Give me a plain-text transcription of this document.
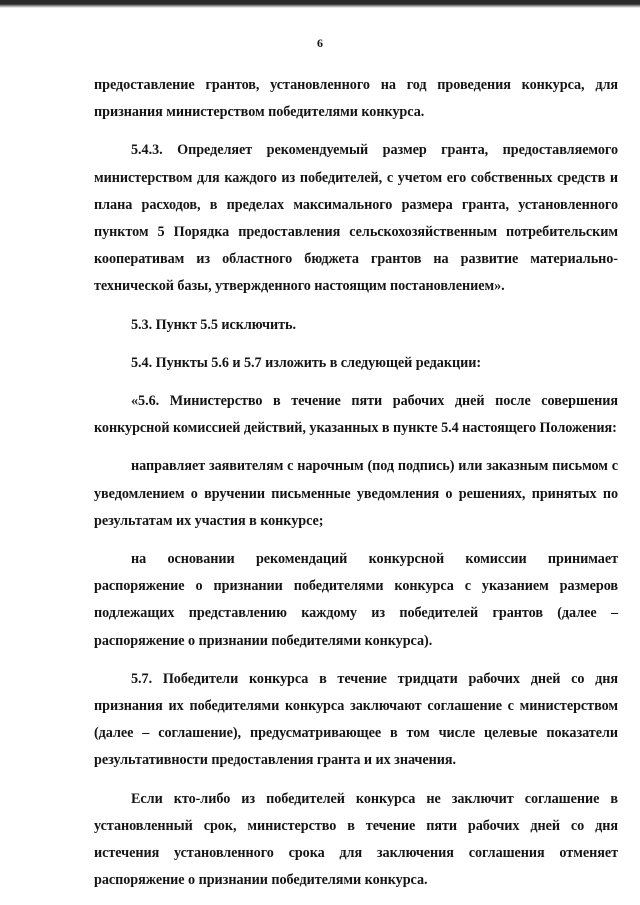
6

предоставление грантов, установленного на год проведения конкурса, для признания министерством победителями конкурса.

5.4.3. Определяет рекомендуемый размер гранта, предоставляемого министерством для каждого из победителей, с учетом его собственных средств и плана расходов, в пределах максимального размера гранта, установленного пунктом 5 Порядка предоставления сельскохозяйственным потребительским кооперативам из областного бюджета грантов на развитие материально-технической базы, утвержденного настоящим постановлением».

5.3. Пункт 5.5 исключить.

5.4. Пункты 5.6 и 5.7 изложить в следующей редакции:

«5.6. Министерство в течение пяти рабочих дней после совершения конкурсной комиссией действий, указанных в пункте 5.4 настоящего Положения:

направляет заявителям с нарочным (под подпись) или заказным письмом с уведомлением о вручении письменные уведомления о решениях, принятых по результатам их участия в конкурсе;

на основании рекомендаций конкурсной комиссии принимает распоряжение о признании победителями конкурса с указанием размеров подлежащих представлению каждому из победителей грантов (далее – распоряжение о признании победителями конкурса).

5.7. Победители конкурса в течение тридцати рабочих дней со дня признания их победителями конкурса заключают соглашение с министерством (далее – соглашение), предусматривающее в том числе целевые показатели результативности предоставления гранта и их значения.

Если кто-либо из победителей конкурса не заключит соглашение в установленный срок, министерство в течение пяти рабочих дней со дня истечения установленного срока для заключения соглашения отменяет распоряжение о признании победителями конкурса.
